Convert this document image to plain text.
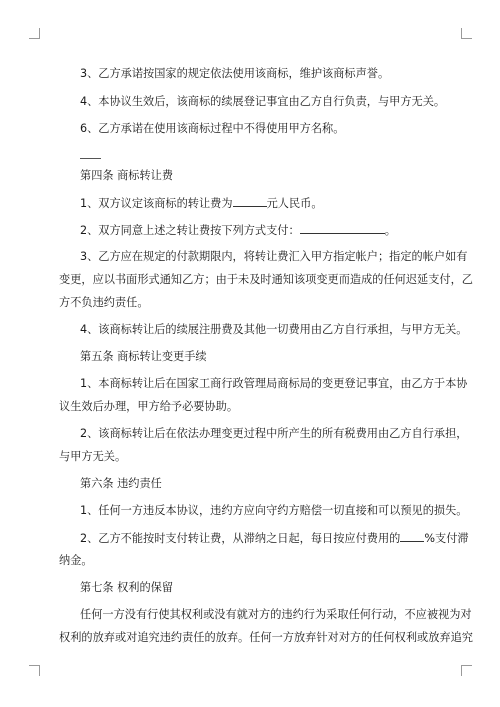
3、乙方承诺按国家的规定依法使用该商标，维护该商标声誉。
4、本协议生效后，该商标的续展登记事宜由乙方自行负责，与甲方无关。
6、乙方承诺在使用该商标过程中不得使用甲方名称。
第四条 商标转让费
1、双方议定该商标的转让费为	元人民币。
2、双方同意上述之转让费按下列方式支付：	。
3、乙方应在规定的付款期限内，将转让费汇入甲方指定帐户；指定的帐户如有
变更，应以书面形式通知乙方；由于未及时通知该项变更而造成的任何迟延支付，乙
方不负违约责任。
4、该商标转让后的续展注册费及其他一切费用由乙方自行承担，与甲方无关。
第五条 商标转让变更手续
1、本商标转让后在国家工商行政管理局商标局的变更登记事宜，由乙方于本协
议生效后办理，甲方给予必要协助。
2、该商标转让后在依法办理变更过程中所产生的所有税费用由乙方自行承担，
与甲方无关。
第六条 违约责任
1、任何一方违反本协议，违约方应向守约方赔偿一切直接和可以预见的损失。
2、乙方不能按时支付转让费，从滞纳之日起，每日按应付费用的 %支付滞
纳金。
第七条 权利的保留
任何一方没有行使其权利或没有就对方的违约行为采取任何行动，不应被视为对
权利的放弃或对追究违约责任的放弃。任何一方放弃针对对方的任何权利或放弃追究
